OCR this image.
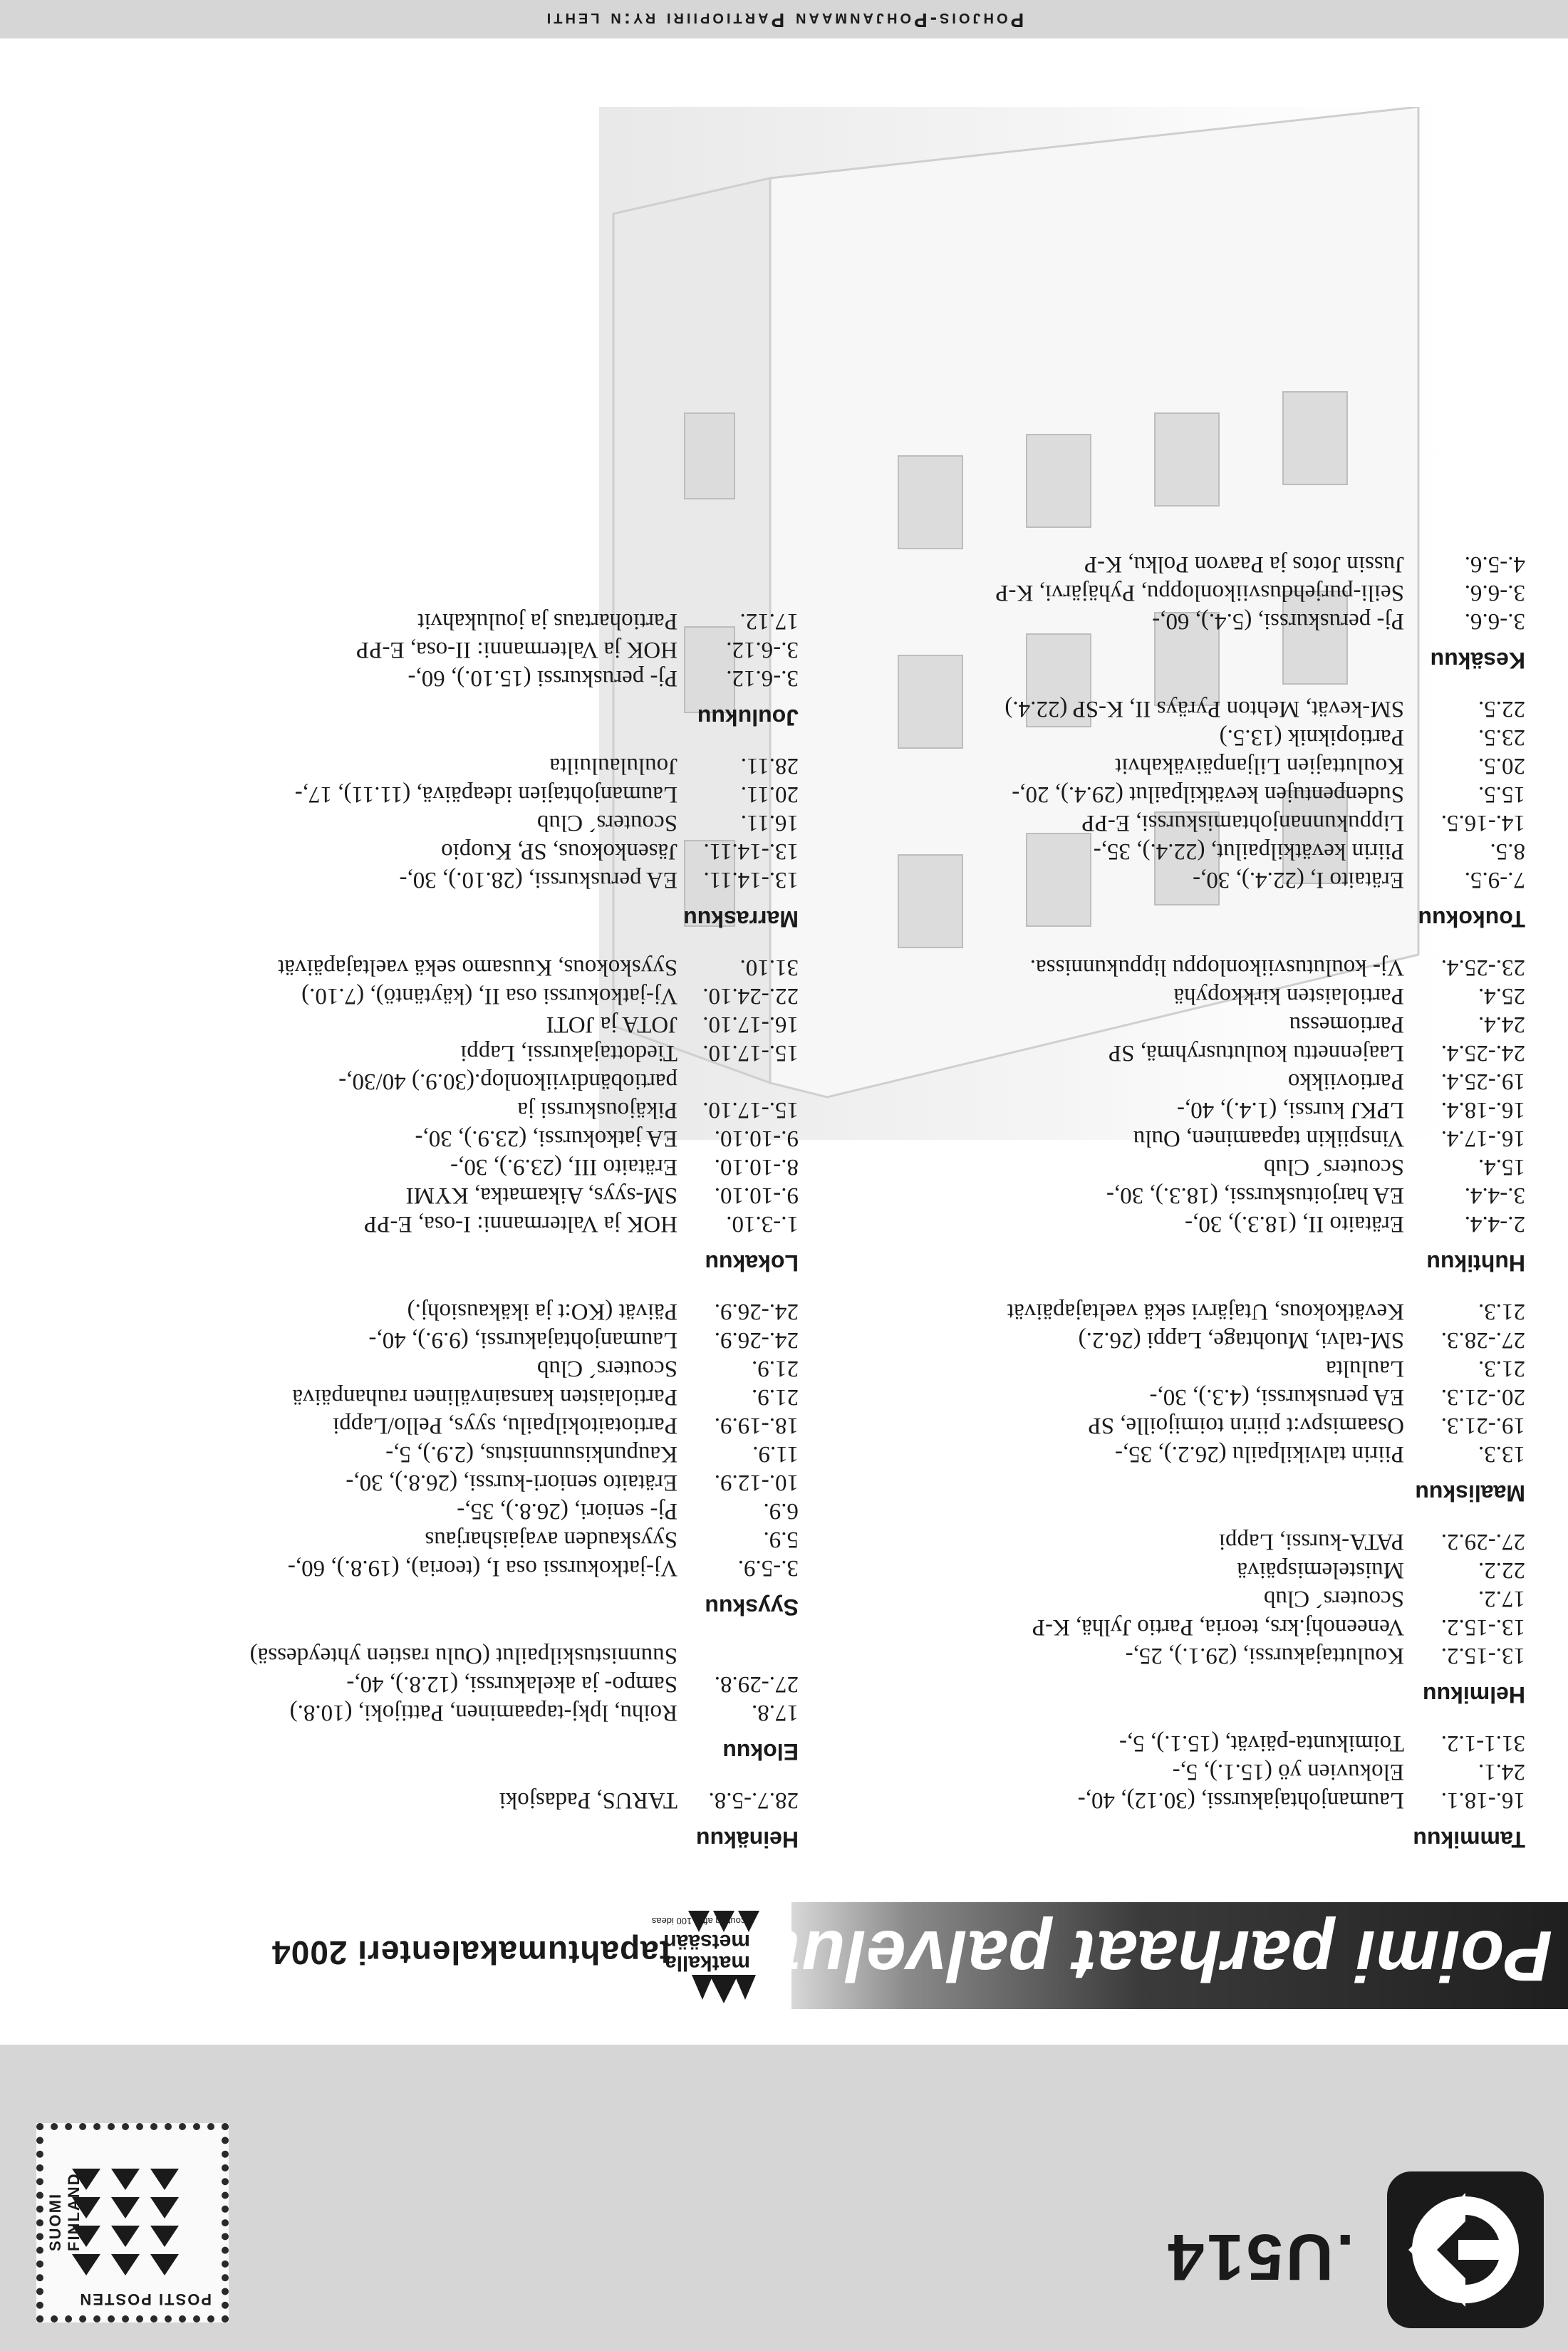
.U514
POSTI POSTEN
SUOMI FINLAND
Poimi parhaat palvelut!
matkalla
metsään
Scouting after 100 ideas
tapahtumakalenteri 2004
Tammikuu
16.-18.1.
Laumanjohtajakurssi, (30.12), 40,-
24.1.
Elokuvien yö (15.1.), 5,-
31.1-1.2.
Toimikunta-päivät, (15.1.), 5,-
Helmikuu
13.-15.2.
Kouluttajakurssi, (29.1.), 25,-
13.-15.2.
Veneenohj.krs, teoria, Partio Jylhä, K-P
17.2.
Scouters´ Club
22.2.
Muistelemispäivä
27.-29.2.
PATA-kurssi, Lappi
Maaliskuu
13.3.
Piirin talvikilpailu (26.2.), 35,-
19.-21.3.
Osaamispv:t piirin toimijoille, SP
20.-21.3.
EA peruskurssi, (4.3.), 30,-
21.3.
Laululta
27.-28.3.
SM-talvi, Muohtage, Lappi (26.2.)
21.3.
Kevätkokous, Utajärvi sekä vaeltajapäivät
Huhtikuu
2.-4.4.
Erätaito II, (18.3.), 30,-
3.-4.4.
EA harjoituskurssi, (18.3.), 30,-
15.4.
Scouters´ Club
16.-17.4.
Vinspiikin tapaaminen, Oulu
16.-18.4.
LPKJ kurssi, (1.4.), 40,-
19.-25.4.
Partioviikko
24.-25.4.
Laajennettu koulutusryhmä, SP
24.4.
Partiomessu
25.4.
Partiolaisten kirkkopyhä
23.-25.4.
Vj- koulutusviikonloppu lippukunnissa.
Toukokuu
7.-9.5.
Erätaito I, (22.4.), 30,-
8.5.
Piirin kevätkilpailut, (22.4.), 35,-
14.-16.5.
Lippukunnanjohtamiskurssi, E-PP
15.5.
Sudenpentujen kevätkilpailut (29.4.), 20,-
20.5.
Kouluttajien Liljanpäiväkahvit
23.5.
Partiopiknik (13.5.)
22.5.
SM-kevät, Mehton Pyräys II, K-SP (22.4.)
Kesäkuu
3.-6.6.
Pj- peruskurssi, (5.4.), 60,-
3.-6.6.
Seili-purjehdusviikonloppu, Pyhäjärvi, K-P
4.-5.6.
Jussin Jotos ja Paavon Polku, K-P
Heinäkuu
28.7.-5.8.
TARUS, Padasjoki
Elokuu
17.8.
Roihu, lpkj-tapaaminen, Pattijoki, (10.8.)
27.-29.8.
Sampo- ja akelakurssi, (12.8.), 40,-
Suunnistuskilpailut (Oulu rastien yhteydessä)
Syyskuu
3.-5.9.
Vj-jatkokurssi osa I, (teoria), (19.8.), 60,-
5.9.
Syyskauden avajaisharjaus
6.9.
Pj- seniori, (26.8.), 35,-
10.-12.9.
Erätaito seniori-kurssi, (26.8.), 30,-
11.9.
Kaupunkisuunnistus, (2.9.), 5,-
18.-19.9.
Partiotaitokilpailu, syys, Pello/Lappi
21.9.
Partiolaisten kansainvälinen rauhanpäivä
21.9.
Scouters´ Club
24.-26.9.
Laumanjohtajakurssi, (9.9.), 40,-
24.-26.9.
Päivät (KO:t ja ikäkausiohj.)
Lokakuu
1.-3.10.
HOK ja Valtermanni: I-osa, E-PP
9.-10.10.
SM-syys, Aikamatka, KYMI
8.-10.10.
Erätaito III, (23.9.), 30,-
9.-10.10.
EA jatkokurssi, (23.9.), 30,-
15.-17.10.
Pikäjouskurssi ja
partiobändiviikonlop.(30.9.) 40/30,-
15.-17.10.
Tiedottajakurssi, Lappi
16.-17.10.
JOTA ja JOTI
22.-24.10.
Vj-jatkokurssi osa II, (käytäntö), (7.10.)
31.10.
Syyskokous, Kuusamo sekä vaeltajapäivät
Marraskuu
13.-14.11.
EA peruskurssi, (28.10.), 30,-
13.-14.11.
Jäsenkokous, SP, Kuopio
16.11.
Scouters´ Club
20.11.
Laumanjohtajien ideapäivä, (11.11), 17,-
28.11.
Joululauluilta
Joulukuu
3.-6.12.
Pj- peruskurssi (15.10.), 60,-
3.-6.12.
HOK ja Valtermanni: II-osa, E-PP
17.12.
Partiohartaus ja joulukahvit
Pohjois-Pohjanmaan Partiopiiri ry:n lehti
